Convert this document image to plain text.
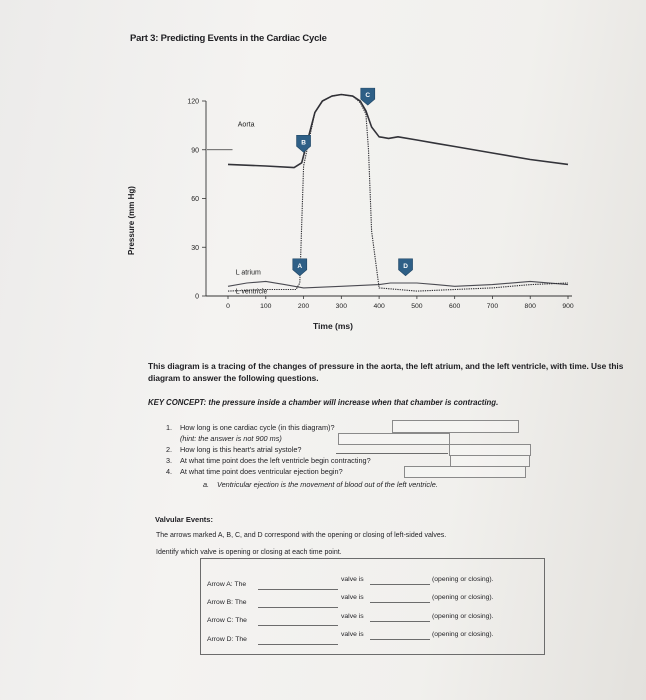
Part 3: Predicting Events in the Cardiac Cycle
0
30
60
90
120
0	100	200	300	400	500	600	700	800	900
A
B
C
D
Aorta
L atrium
L ventricle
Pressure (mm Hg)
Time (ms)
This diagram is a tracing of the changes of pressure in the aorta, the left atrium, and the left ventricle, with time. Use this diagram to answer the following questions.
KEY CONCEPT: the pressure inside a chamber will increase when that chamber is contracting.
1. How long is one cardiac cycle (in this diagram)?
(hint: the answer is not 900 ms)
2. How long is this heart's atrial systole?
3. At what time point does the left ventricle begin contracting?
4. At what time point does ventricular ejection begin?
a. Ventricular ejection is the movement of blood out of the left ventricle.
Valvular Events:
The arrows marked A, B, C, and D correspond with the opening or closing of left-sided valves.
Identify which valve is opening or closing at each time point.
Arrow A: The
valve is	(opening or closing).
Arrow B: The
valve is	(opening or closing).
Arrow C: The
valve is	(opening or closing).
Arrow D: The
valve is	(opening or closing).
